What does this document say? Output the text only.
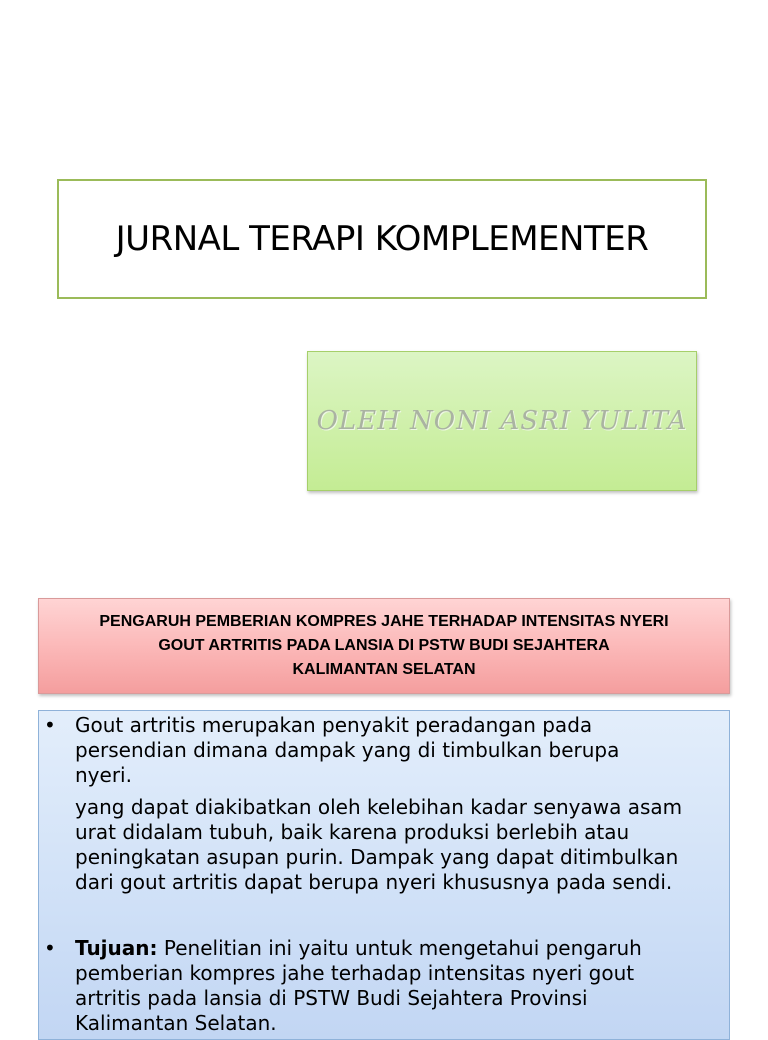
JURNAL TERAPI KOMPLEMENTER
OLEH NONI ASRI YULITA
PENGARUH PEMBERIAN KOMPRES JAHE TERHADAP INTENSITAS NYERI
GOUT ARTRITIS PADA LANSIA DI PSTW BUDI SEJAHTERA
KALIMANTAN SELATAN
• Gout artritis merupakan penyakit peradangan pada
persendian dimana dampak yang di timbulkan berupa
nyeri.
yang dapat diakibatkan oleh kelebihan kadar senyawa asam
urat didalam tubuh, baik karena produksi berlebih atau
peningkatan asupan purin. Dampak yang dapat ditimbulkan
dari gout artritis dapat berupa nyeri khususnya pada sendi.
• Tujuan: Penelitian ini yaitu untuk mengetahui pengaruh
pemberian kompres jahe terhadap intensitas nyeri gout
artritis pada lansia di PSTW Budi Sejahtera Provinsi
Kalimantan Selatan.
